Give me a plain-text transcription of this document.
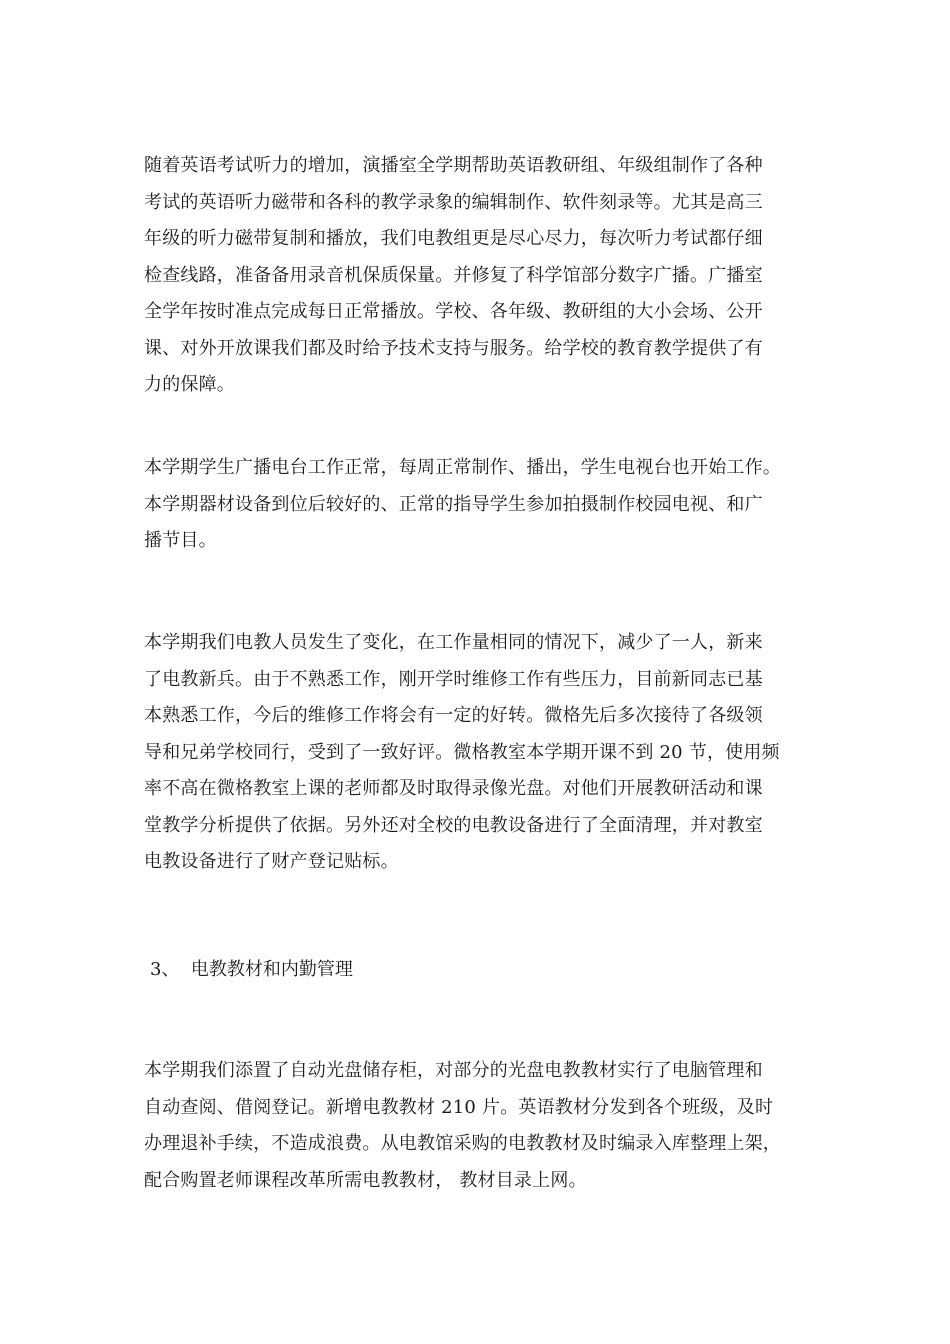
随着英语考试听力的增加，演播室全学期帮助英语教研组、年级组制作了各种
考试的英语听力磁带和各科的教学录象的编辑制作、软件刻录等。尤其是高三
年级的听力磁带复制和播放，我们电教组更是尽心尽力，每次听力考试都仔细
检查线路，准备备用录音机保质保量。并修复了科学馆部分数字广播。广播室
全学年按时准点完成每日正常播放。学校、各年级、教研组的大小会场、公开
课、对外开放课我们都及时给予技术支持与服务。给学校的教育教学提供了有
力的保障。
本学期学生广播电台工作正常，每周正常制作、播出，学生电视台也开始工作。
本学期器材设备到位后较好的、正常的指导学生参加拍摄制作校园电视、和广
播节目。
本学期我们电教人员发生了变化，在工作量相同的情况下，减少了一人，新来
了电教新兵。由于不熟悉工作，刚开学时维修工作有些压力，目前新同志已基
本熟悉工作，今后的维修工作将会有一定的好转。微格先后多次接待了各级领
导和兄弟学校同行，受到了一致好评。微格教室本学期开课不到 20 节，使用频
率不高在微格教室上课的老师都及时取得录像光盘。对他们开展教研活动和课
堂教学分析提供了依据。另外还对全校的电教设备进行了全面清理，并对教室
电教设备进行了财产登记贴标。
3、  电教教材和内勤管理
本学期我们添置了自动光盘储存柜，对部分的光盘电教教材实行了电脑管理和
自动查阅、借阅登记。新增电教教材 210 片。英语教材分发到各个班级，及时
办理退补手续，不造成浪费。从电教馆采购的电教教材及时编录入库整理上架，
配合购置老师课程改革所需电教教材， 教材目录上网。
